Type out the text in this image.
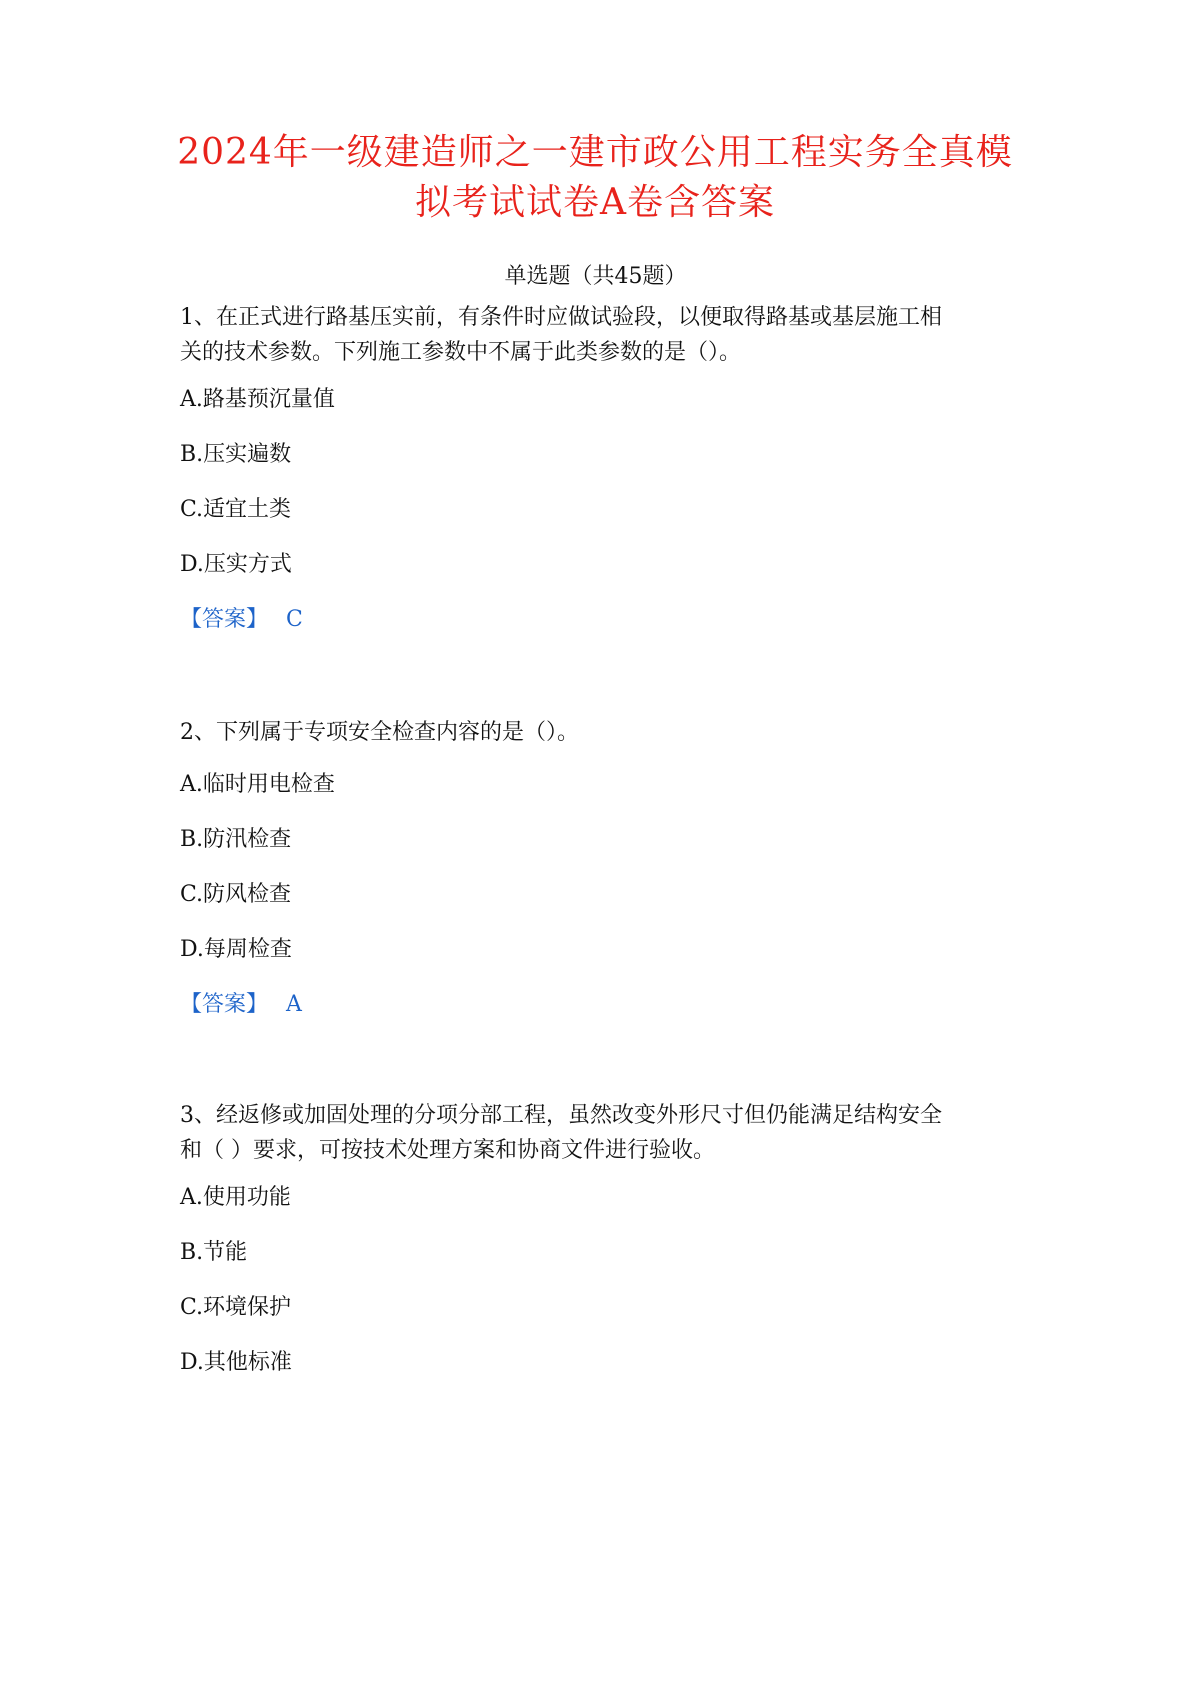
2024年一级建造师之一建市政公用工程实务全真模
拟考试试卷A卷含答案
单选题（共45题）

1、在正式进行路基压实前，有条件时应做试验段，以便取得路基或基层施工相

关的技术参数。下列施工参数中不属于此类参数的是（）。

A.路基预沉量值
B.压实遍数
C.适宜土类
D.压实方式
【答案】 C

2、下列属于专项安全检查内容的是（）。

A.临时用电检查
B.防汛检查
C.防风检查
D.每周检查
【答案】 A

3、经返修或加固处理的分项分部工程，虽然改变外形尺寸但仍能满足结构安全

和（ ）要求，可按技术处理方案和协商文件进行验收。

A.使用功能
B.节能
C.环境保护
D.其他标准
